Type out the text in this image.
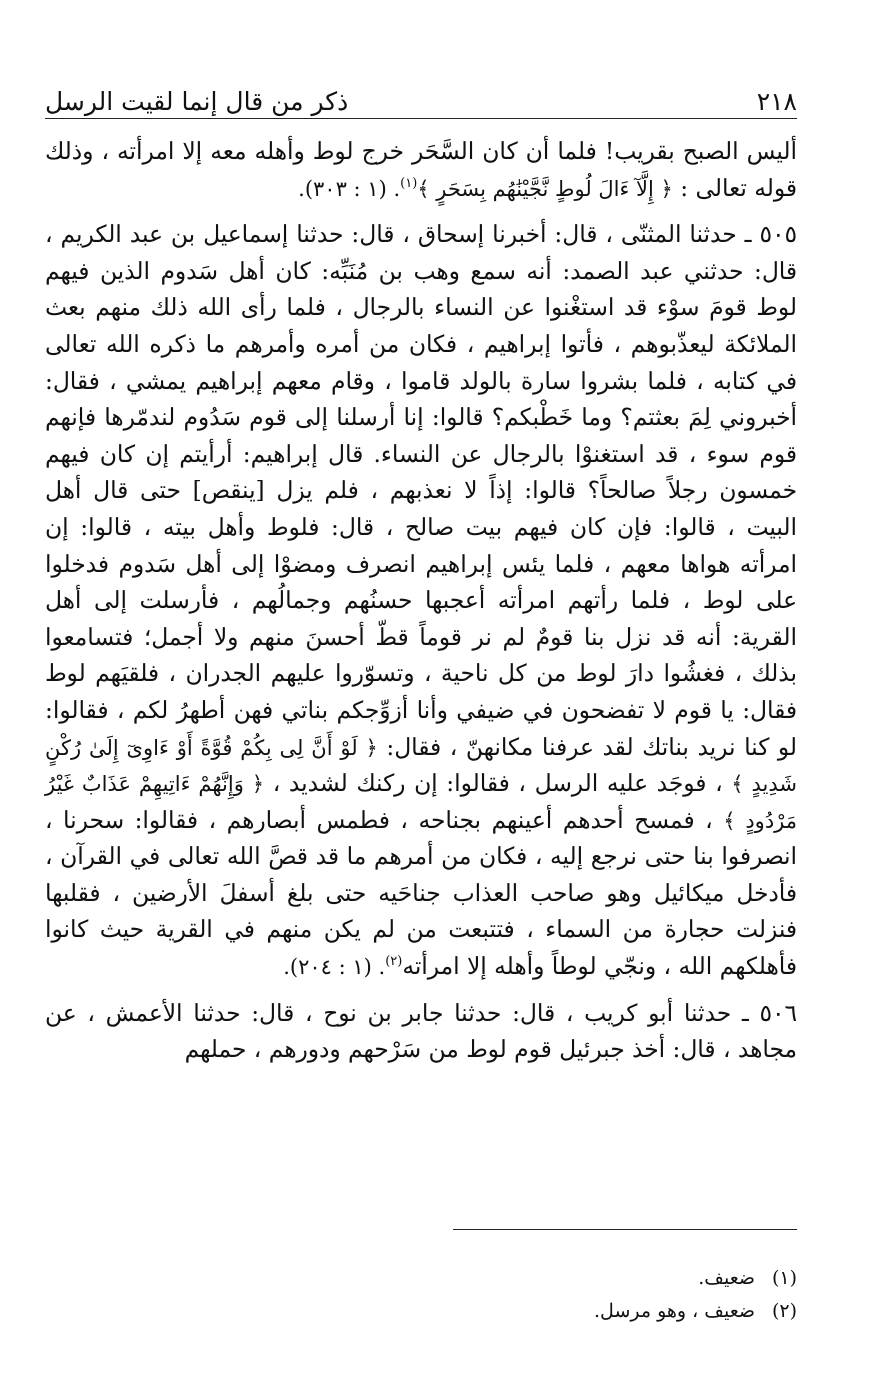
٢١٨
ذكر من قال إنما لقيت الرسل

أليس الصبح بقريب! فلما أن كان السَّحَر خرج لوط وأهله معه إلا امرأته ، وذلك قوله تعالى : ﴿ إِلَّآ ءَالَ لُوطٍ نَّجَّيْنَٰهُم بِسَحَرٍ ﴾$^{(١)}$. (١ : ٣٠٣).

٥٠٥ ـ حدثنا المثنّى ، قال: أخبرنا إسحاق ، قال: حدثنا إسماعيل بن عبد الكريم ، قال: حدثني عبد الصمد: أنه سمع وهب بن مُنَبِّه: كان أهل سَدوم الذين فيهم لوط قومَ سوْء قد استغْنوا عن النساء بالرجال ، فلما رأى الله ذلك منهم بعث الملائكة ليعذّبوهم ، فأتوا إبراهيم ، فكان من أمره وأمرهم ما ذكره الله تعالى في كتابه ، فلما بشروا سارة بالولد قاموا ، وقام معهم إبراهيم يمشي ، فقال: أخبروني لِمَ بعثتم؟ وما خَطْبكم؟ قالوا: إنا أرسلنا إلى قوم سَدُوم لندمّرها فإنهم قوم سوء ، قد استغنوْا بالرجال عن النساء. قال إبراهيم: أرأيتم إن كان فيهم خمسون رجلاً صالحاً؟ قالوا: إذاً لا نعذبهم ، فلم يزل [ينقص] حتى قال أهل البيت ، قالوا: فإن كان فيهم بيت صالح ، قال: فلوط وأهل بيته ، قالوا: إن امرأته هواها معهم ، فلما يئس إبراهيم انصرف ومضوْا إلى أهل سَدوم فدخلوا على لوط ، فلما رأتهم امرأته أعجبها حسنُهم وجمالُهم ، فأرسلت إلى أهل القرية: أنه قد نزل بنا قومٌ لم نر قوماً قطّ أحسنَ منهم ولا أجمل؛ فتسامعوا بذلك ، فغشُوا دارَ لوط من كل ناحية ، وتسوّروا عليهم الجدران ، فلقيَهم لوط فقال: يا قوم لا تفضحون في ضيفي وأنا أزوِّجكم بناتي فهن أطهرُ لكم ، فقالوا: لو كنا نريد بناتك لقد عرفنا مكانهنّ ، فقال: ﴿ لَوْ أَنَّ لِى بِكُمْ قُوَّةً أَوْ ءَاوِىٓ إِلَىٰ رُكْنٍ شَدِيدٍ ﴾ ، فوجَد عليه الرسل ، فقالوا: إن ركنك لشديد ، ﴿ وَإِنَّهُمْ ءَاتِيهِمْ عَذَابٌ غَيْرُ مَرْدُودٍ ﴾ ، فمسح أحدهم أعينهم بجناحه ، فطمس أبصارهم ، فقالوا: سحرنا ، انصرفوا بنا حتى نرجع إليه ، فكان من أمرهم ما قد قصَّ الله تعالى في القرآن ، فأدخل ميكائيل وهو صاحب العذاب جناحَيه حتى بلغ أسفلَ الأرضين ، فقلبها فنزلت حجارة من السماء ، فتتبعت من لم يكن منهم في القرية حيث كانوا فأهلكهم الله ، ونجّي لوطاً وأهله إلا امرأته$^{(٢)}$. (١ : ٢٠٤).

٥٠٦ ـ حدثنا أبو كريب ، قال: حدثنا جابر بن نوح ، قال: حدثنا الأعمش ، عن مجاهد ، قال: أخذ جبرئيل قوم لوط من سَرْحهم ودورهم ، حملهم

(١)
ضعيف.
(٢)
ضعيف ، وهو مرسل.
